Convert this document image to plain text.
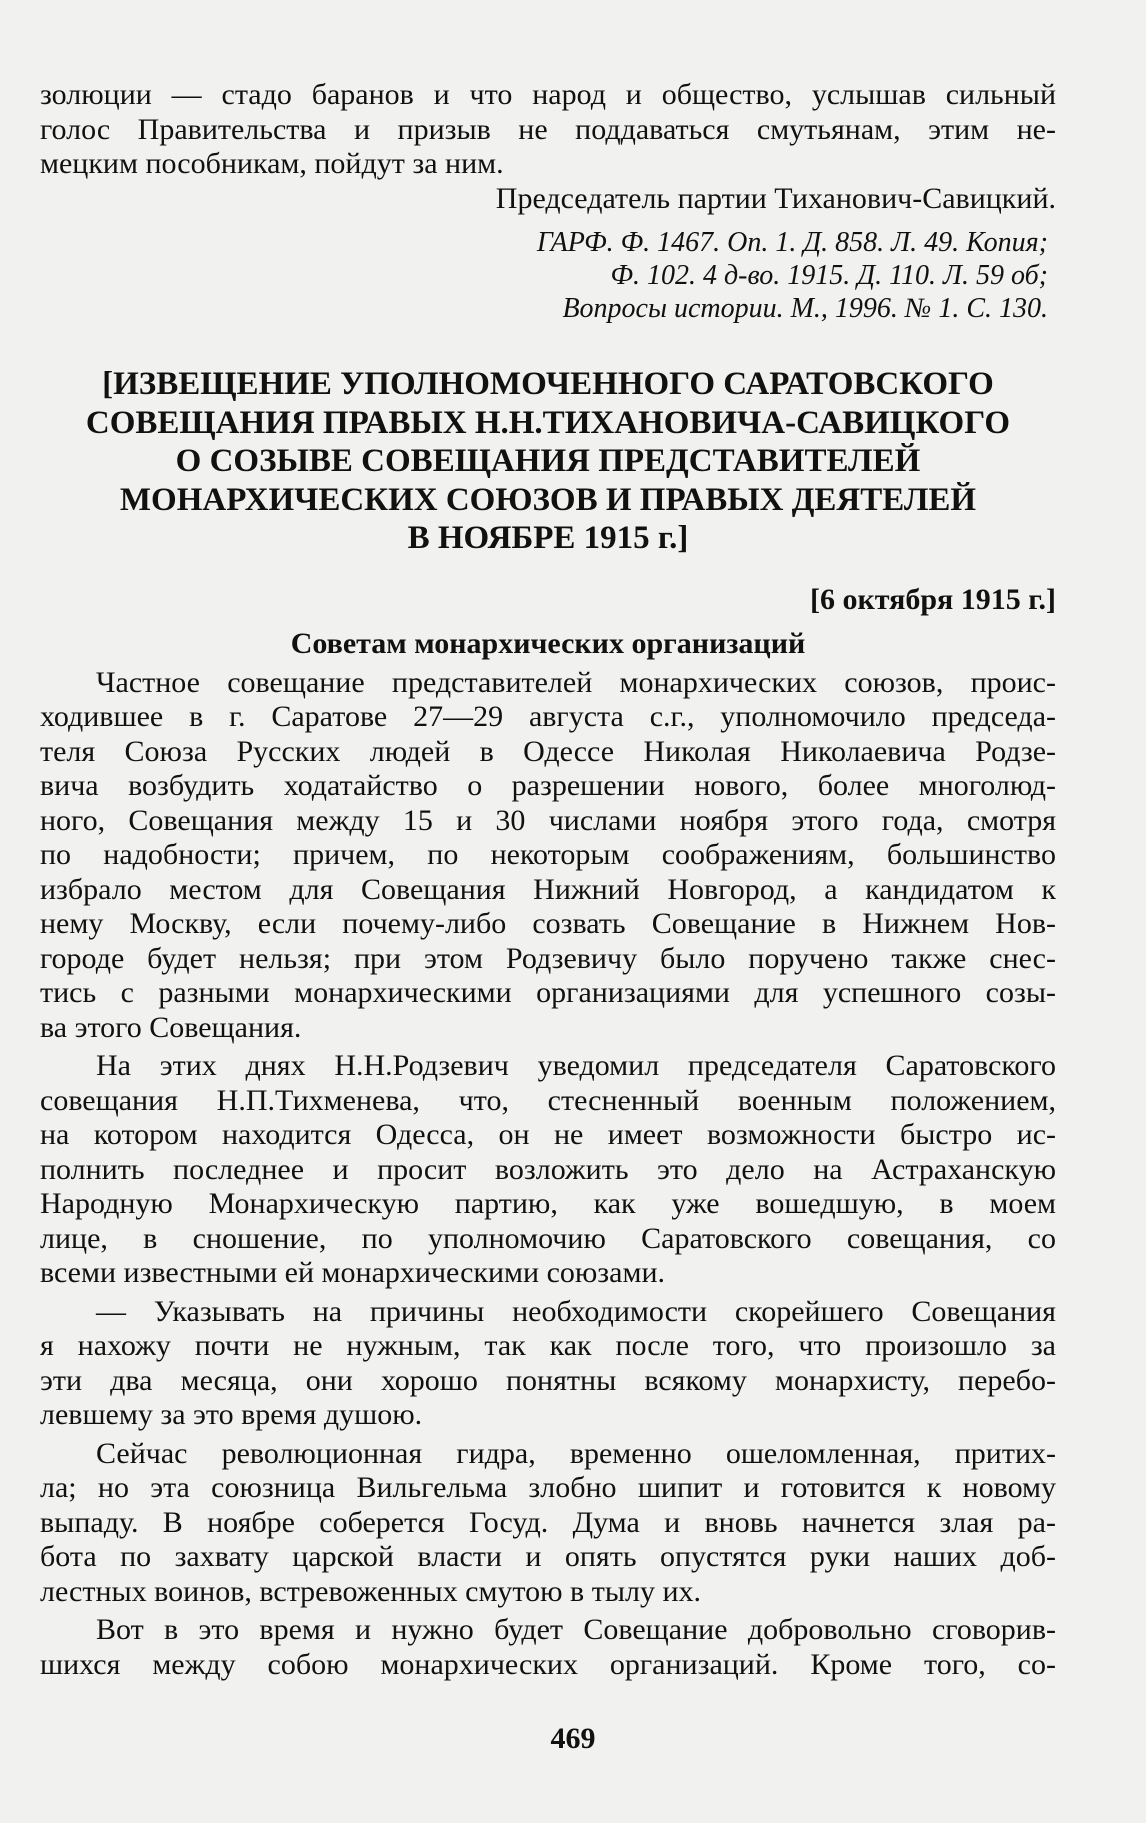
золюции — стадо баранов и что народ и общество, услышав сильный
голос Правительства и призыв не поддаваться смутьянам, этим не-
мецким пособникам, пойдут за ним.
Председатель партии Тиханович-Савицкий.
ГАРФ. Ф. 1467. Оп. 1. Д. 858. Л. 49. Копия;
Ф. 102. 4 д-во. 1915. Д. 110. Л. 59 об;
Вопросы истории. М., 1996. № 1. С. 130.
[ИЗВЕЩЕНИЕ УПОЛНОМОЧЕННОГО САРАТОВСКОГО
СОВЕЩАНИЯ ПРАВЫХ Н.Н.ТИХАНОВИЧА-САВИЦКОГО
О СОЗЫВЕ СОВЕЩАНИЯ ПРЕДСТАВИТЕЛЕЙ
МОНАРХИЧЕСКИХ СОЮЗОВ И ПРАВЫХ ДЕЯТЕЛЕЙ
В НОЯБРЕ 1915 г.]
[6 октября 1915 г.]
Советам монархических организаций
Частное совещание представителей монархических союзов, проис-
ходившее в г. Саратове 27—29 августа с.г., уполномочило председа-
теля Союза Русских людей в Одессе Николая Николаевича Родзе-
вича возбудить ходатайство о разрешении нового, более многолюд-
ного, Совещания между 15 и 30 числами ноября этого года, смотря
по надобности; причем, по некоторым соображениям, большинство
избрало местом для Совещания Нижний Новгород, а кандидатом к
нему Москву, если почему-либо созвать Совещание в Нижнем Нов-
городе будет нельзя; при этом Родзевичу было поручено также снес-
тись с разными монархическими организациями для успешного созы-
ва этого Совещания.
На этих днях Н.Н.Родзевич уведомил председателя Саратовского
совещания Н.П.Тихменева, что, стесненный военным положением,
на котором находится Одесса, он не имеет возможности быстро ис-
полнить последнее и просит возложить это дело на Астраханскую
Народную Монархическую партию, как уже вошедшую, в моем
лице, в сношение, по уполномочию Саратовского совещания, со
всеми известными ей монархическими союзами.
— Указывать на причины необходимости скорейшего Совещания
я нахожу почти не нужным, так как после того, что произошло за
эти два месяца, они хорошо понятны всякому монархисту, перебо-
левшему за это время душою.
Сейчас революционная гидра, временно ошеломленная, притих-
ла; но эта союзница Вильгельма злобно шипит и готовится к новому
выпаду. В ноябре соберется Госуд. Дума и вновь начнется злая ра-
бота по захвату царской власти и опять опустятся руки наших доб-
лестных воинов, встревоженных смутою в тылу их.
Вот в это время и нужно будет Совещание добровольно сговорив-
шихся между собою монархических организаций. Кроме того, со-
469
